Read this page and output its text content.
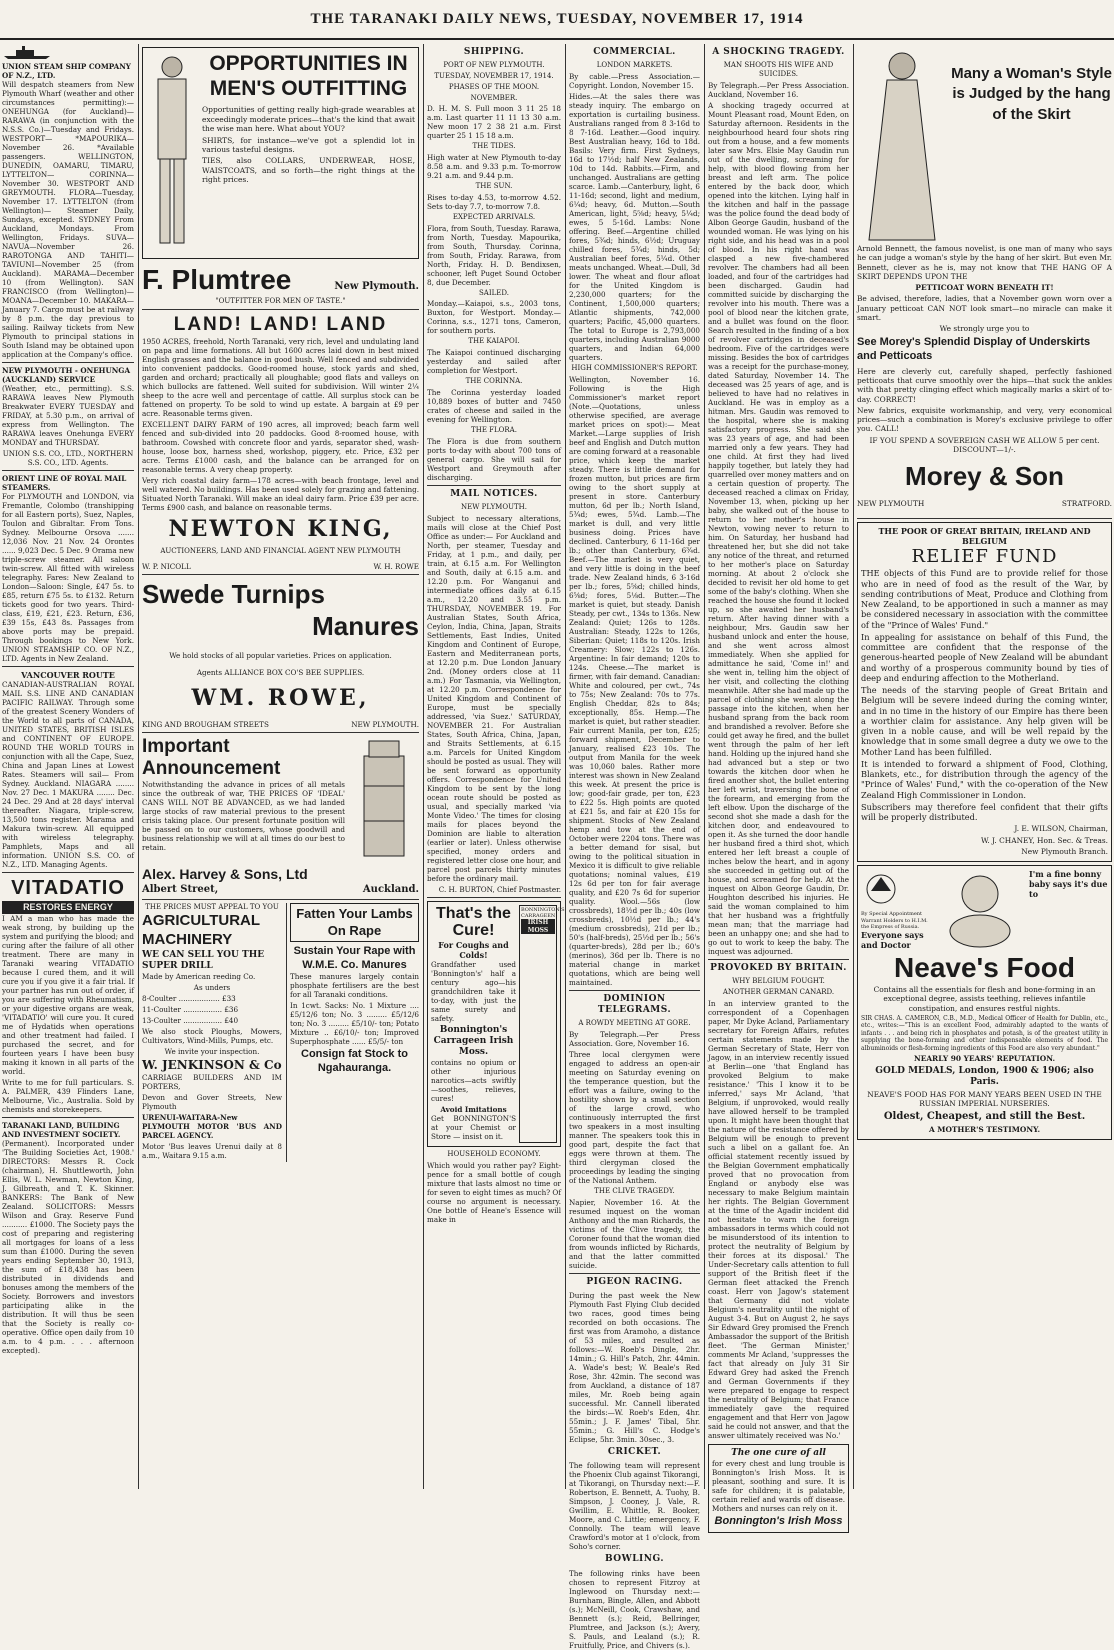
THE TARANAKI DAILY NEWS, TUESDAY, NOVEMBER 17, 1914
UNION STEAM SHIP COMPANY OF N.Z., LTD.

Will despatch steamers from New Plymouth Wharf (weather and other circumstances permitting):— ONEHUNGA (for Auckland)— RARAWA (in conjunction with the N.S.S. Co.)—Tuesday and Fridays. WESTPORT— *MAPOURIKA—November 26. *Available passengers. WELLINGTON, DUNEDIN, OAMARU, TIMARU, LYTTELTON— CORINNA—November 30. WESTPORT AND GREYMOUTH. FLORA—Tuesday, November 17. LYTTELTON (from Wellington)— Steamer Daily, Sundays, excepted. SYDNEY From Auckland, Mondays. From Wellington, Fridays. SUVA— NAVUA—November 26. RAROTONGA AND TAHITI— TAVIUNI—November 25 (from Auckland). MARAMA—December 10 (from Wellington). SAN FRANCISCO (from Wellington)— MOANA—December 10. MAKARA—January 7. Cargo must be at railway by 8 p.m. the day previous to sailing. Railway tickets from New Plymouth to principal stations in South Island may be obtained upon application at the Company's office.

NEW PLYMOUTH - ONEHUNGA (AUCKLAND) SERVICE

(Weather, etc., permitting). S.S. RARAWA leaves New Plymouth Breakwater EVERY TUESDAY and FRIDAY, at 5.30 p.m., on arrival of express from Wellington. The RARAWA leaves Onehunga EVERY MONDAY and THURSDAY.

UNION S.S. CO., LTD., NORTHERN S.S. CO., LTD. Agents.

ORIENT LINE OF ROYAL MAIL STEAMERS.

For PLYMOUTH and LONDON, via Fremantle, Colombo (transhipping for all Eastern ports), Suez, Naples, Toulon and Gibraltar. From Tons. Sydney. Melbourne Orsova ....... 12,036 Nov. 21 Nov. 24 Orontes ...... 9,023 Dec. 5 Dec. 9 Orama new triple-screw steamer. All saloon twin-screw. All fitted with wireless telegraphy. Fares: New Zealand to London—Saloon: Single, £47 5s. to £85, return £75 5s. to £132. Return tickets good for two years. Third-class, £19, £21, £23. Return, £36, £39 15s, £43 8s. Passages from above ports may be prepaid. Through bookings to New York. UNION STEAMSHIP CO. OF N.Z., LTD. Agents in New Zealand.

VANCOUVER ROUTE

CANADIAN-AUSTRALIAN ROYAL MAIL S.S. LINE AND CANADIAN PACIFIC RAILWAY. Through some of the greatest Scenery Wonders of the World to all parts of CANADA, UNITED STATES, BRITISH ISLES and CONTINENT OF EUROPE. ROUND THE WORLD TOURS in conjunction with all the Cape, Suez, China and Japan Lines at Lowest Rates. Steamers will sail— From Sydney. Auckland. NIAGARA ........ Nov. 27 Dec. 1 MAKURA ........ Dec. 24 Dec. 29 And at 28 days' interval thereafter. Niagara, triple-screw, 13,500 tons register. Marama and Makura twin-screw. All equipped with wireless telegraphy. Pamphlets, Maps and all information. UNION S.S. CO. of N.Z., LTD. Managing Agents.

VITADATIO
RESTORES ENERGY

I AM a man who has made the weak strong, by building up the system and purifying the blood; and curing after the failure of all other treatment. There are many in Taranaki wearing VITADATIO because I cured them, and it will cure you if you give it a fair trial. If your partner has run out of order, if you are suffering with Rheumatism, or your digestive organs are weak, 'VITADATIO' will cure you. It cured me of Hydatids when operations and other treatment had failed. I purchased the secret, and for fourteen years I have been busy making it known in all parts of the world.

Write to me for full particulars. S. A. PALMER, 439 Flinders Lane, Melbourne, Vic., Australia. Sold by chemists and storekeepers.

TARANAKI LAND, BUILDING AND INVESTMENT SOCIETY.

(Permanent). Incorporated under 'The Building Societies Act, 1908.' DIRECTORS: Messrs R. Cock (chairman), H. Shuttleworth, John Ellis, W. L. Newman, Newton King, J. Gilbreath, and T. K. Skinner. BANKERS: The Bank of New Zealand. SOLICITORS: Messrs Wilson and Gray. Reserve Fund ........... £1000. The Society pays the cost of preparing and registering all mortgages for loans of a less sum than £1000. During the seven years ending September 30, 1913, the sum of £18,438 has been distributed in dividends and bonuses among the members of the Society. Borrowers and investors participating alike in the distribution. It will thus be seen that the Society is really co-operative. Office open daily from 10 a.m. to 4 p.m. . . . afternoon excepted).

OPPORTUNITIES IN MEN'S OUTFITTING

Opportunities of getting really high-grade wearables at exceedingly moderate prices—that's the kind that await the wise man here. What about YOU?

SHIRTS, for instance—we've got a splendid lot in various tasteful designs.

TIES, also COLLARS, UNDERWEAR, HOSE, WAISTCOATS, and so forth—the right things at the right prices.

F. Plumtree	New Plymouth.
"OUTFITTER FOR MEN OF TASTE."
LAND! LAND! LAND

1950 ACRES, freehold, North Taranaki, very rich, level and undulating land on papa and lime formations. All but 1600 acres laid down in best mixed English grasses and the balance in good bush. Well fenced and subdivided into convenient paddocks. Good-roomed house, stock yards and shed, garden and orchard; practically all ploughable; good flats and valleys on which bullocks are fattened. Well suited for subdivision. Will winter 2¼ sheep to the acre well and percentage of cattle. All surplus stock can be fattened on property. To be sold to wind up estate. A bargain at £9 per acre. Reasonable terms given.

EXCELLENT DAIRY FARM of 190 acres, all improved; beach farm well fenced and sub-divided into 20 paddocks. Good 8-roomed house, with bathroom. Cowshed with concrete floor and yards, separator shed, wash-house, loose box, harness shed, workshop, piggery, etc. Price, £32 per acre. Terms £1000 cash, and the balance can be arranged for on reasonable terms. A very cheap property.

Very rich coastal dairy farm—178 acres—with beach frontage, level and well watered. No buildings. Has been used solely for grazing and fattening. Situated North Taranaki. Will make an ideal dairy farm. Price £39 per acre. Terms £900 cash, and balance on reasonable terms.

NEWTON KING,
AUCTIONEERS, LAND AND FINANCIAL AGENT NEW PLYMOUTH
W. P. NICOLL	W. H. ROWE
Swede Turnips
Manures

We hold stocks of all popular varieties. Prices on application.

Agents ALLIANCE BOX CO'S BEE SUPPLIES.

WM. ROWE,
KING AND BROUGHAM STREETS	NEW PLYMOUTH.
Important Announcement

Notwithstanding the advance in prices of all metals since the outbreak of war, THE PRICES OF 'IDEAL' CANS WILL NOT BE ADVANCED, as we had landed large stocks of raw material previous to the present crisis taking place. Our present fortunate position will be passed on to our customers, whose goodwill and business relationship we will at all times do our best to retain.

Alex. Harvey & Sons, Ltd
Albert Street,	Auckland.
THE PRICES MUST APPEAL TO YOU
AGRICULTURAL MACHINERY
WE CAN SELL YOU THE SUPER DRILL

Made by American reeding Co.

As unders

8-Coulter .................. £33

11-Coulter ................. £36

13-Coulter ................. £40

We also stock Ploughs, Mowers, Cultivators, Wind-Mills, Pumps, etc.

We invite your inspection.

W. JENKINSON & Co

CARRIAGE BUILDERS AND IM PORTERS,

Devon and Gover Streets, New Plymouth

URENUI-WAITARA-New PLYMOUTH MOTOR 'BUS AND PARCEL AGENCY.

Motor 'Bus leaves Urenui daily at 8 a.m., Waitara 9.15 a.m.

Fatten Your Lambs On Rape
Sustain Your Rape with W.M.E. Co. Manures

These manures largely contain phosphate fertilisers are the best for all Taranaki conditions.

In 1cwt. Sacks: No. 1 Mixture .... £5/12/6 ton; No. 3 ......... £5/12/6 ton; No. 3 ......... £5/10/- ton; Potato Mixture .. £6/10/- ton; Improved Superphosphate ...... £5/5/- ton

Consign fat Stock to Ngahauranga.
SHIPPING.
PORT OF NEW PLYMOUTH.
TUESDAY, NOVEMBER 17, 1914.
PHASES OF THE MOON.
NOVEMBER.

D. H. M. S. Full moon 3 11 25 18 a.m. Last quarter 11 11 13 30 a.m. New moon 17 2 38 21 a.m. First quarter 25 1 15 18 a.m.

THE TIDES.

High water at New Plymouth to-day 8.58 a.m. and 9.33 p.m. To-morrow 9.21 a.m. and 9.44 p.m.

THE SUN.

Rises to-day 4.53, to-morrow 4.52. Sets to-day 7.7, to-morrow 7.8.

EXPECTED ARRIVALS.

Flora, from South, Tuesday. Rarawa, from North, Tuesday. Mapourika, from South, Thursday. Corinna, from South, Friday. Rarawa, from North, Friday. H. D. Bendixsen, schooner, left Puget Sound October 8, due December.

SAILED.

Monday.—Kaiapoi, s.s., 2003 tons, Buxton, for Westport. Monday.—Corinna, s.s., 1271 tons, Cameron, for southern ports.

THE KAIAPOI.

The Kaiapoi continued discharging yesterday and sailed after completion for Westport.

THE CORINNA.

The Corinna yesterday loaded 10,889 boxes of butter and 7450 crates of cheese and sailed in the evening for Wellington.

THE FLORA.

The Flora is due from southern ports to-day with about 700 tons of general cargo. She will sail for Westport and Greymouth after discharging.

MAIL NOTICES.
NEW PLYMOUTH.

Subject to necessary alterations, mails will close at the Chief Post Office as under:— For Auckland and North, per steamer, Tuesday and Friday, at 1 p.m., and daily, per train, at 6.15 a.m. For Wellington and South, daily at 6.15 a.m. and 12.20 p.m. For Wanganui and intermediate offices daily at 6.15 a.m., 12.20 and 3.55 p.m. THURSDAY, NOVEMBER 19. For Australian States, South Africa, Ceylon, India, China, Japan, Straits Settlements, East Indies, United Kingdom and Continent of Europe, Eastern and Mediterranean ports, at 12.20 p.m. Due London January 2nd. (Money orders close at 11 a.m.) For Tasmania, via Wellington, at 12.20 p.m. Correspondence for United Kingdom and Continent of Europe, must be specially addressed, 'via Suez.' SATURDAY, NOVEMBER 21. For Australian States, South Africa, China, Japan, and Straits Settlements, at 6.15 a.m. Parcels for United Kingdom should be posted as usual. They will be sent forward as opportunity offers. Correspondence for United Kingdom to be sent by the long ocean route should be posted as usual, and specially marked 'via Monte Video.' The times for closing mails for places beyond the Dominion are liable to alteration (earlier or later). Unless otherwise specified, money orders and registered letter close one hour, and parcel post parcels thirty minutes before the ordinary mail.

C. H. BURTON, Chief Postmaster.

That's the Cure!
For Coughs and Colds!

Grandfather used 'Bonnington's' half a century ago—his grandchildren take it to-day, with just the same surety and safety.

Bonnington's Carrageen Irish Moss.

contains no opium or other injurious narcotics—acts swiftly—soothes, relieves, cures!

Avoid Imitations

Get BONNINGTON'S at your Chemist or Store — insist on it.

BONNINGTON'S CARRAGEEN
IRISH MOSS
HOUSEHOLD ECONOMY.

Which would you rather pay? Eight-pence for a small bottle of cough mixture that lasts almost no time or for seven to eight times as much? Of course no argument is necessary. One bottle of Heane's Essence will make in

COMMERCIAL.
LONDON MARKETS.

By cable.—Press Association.—Copyright. London, November 15.

Hides.—At the sales there was steady inquiry. The embargo on exportation is curtailing business. Australians ranged from 8 3-16d to 8 7-16d. Leather.—Good inquiry. Best Australian heavy, 16d to 18d. Basils: Very firm. First Sydneys, 16d to 17½d; half New Zealands, 10d to 14d. Rabbits.—Firm, and unchanged. Australians are getting scarce. Lamb.—Canterbury, light, 6 11-16d; second, light and medium, 6¼d; heavy, 6d. Mutton.—South American, light, 5⅝d; heavy, 5¼d; ewes, 5 5-16d. Lambs: None offering. Beef.—Argentine chilled fores, 5¾d; hinds, 6½d; Uruguay chilled fores, 5¾d; hinds, 5d; Australian beef fores, 5¼d. Other meats unchanged. Wheat.—Dull, 3d lower. The wheat and flour afloat for the United Kingdom is 2,230,000 quarters; for the Continent, 1,500,000 quarters; Atlantic shipments, 742,000 quarters; Pacific, 45,000 quarters. The total to Europe is 2,793,000 quarters, including Australian 9000 quarters, and Indian 64,000 quarters.

HIGH COMMISSIONER'S REPORT.

Wellington, November 16. Following is the High Commissioner's market report (Note.—Quotations, unless otherwise specified, are average market prices on spot):— Meat Market.—Large supplies of Irish beef and English and Dutch mutton are coming forward at a reasonable price, which keep the market steady. There is little demand for frozen mutton, but prices are firm owing to the short supply at present in store. Canterbury mutton, 6d per lb.; North Island, 5¾d; ewes, 5¾d. Lamb.—The market is dull, and very little business doing. Prices have declined. Canterbury, 6 11-16d per lb.; other than Canterbury, 6¾d. Beef.—The market is very quiet, and very little is doing in the beef trade. New Zealand hinds, 6 3-16d per lb.; fores, 5⅝d; chilled hinds, 6⅝d; fores, 5⅛d. Butter.—The market is quiet, but steady. Danish Steady, per cwt., 134s to 136s. New Zealand: Quiet; 126s to 128s. Australian: Steady, 122s to 126s, Siberian: Quiet; 118s to 120s. Irish Creamery: Slow; 122s to 126s. Argentine: In fair demand; 120s to 124s. Cheese.—The market is firmer, with fair demand. Canadian: White and coloured, per cwt., 74s to 75s; New Zealand: 70s to 77s. English Cheddar, 82s to 84s; exceptionally, 85s. Hemp.—The market is quiet, but rather steadier. Fair current Manila, per ton, £25; forward shipment, December to January, realised £23 10s. The output from Manila for the week was 10,060 bales. Rather more interest was shown in New Zealand this week. At present the price is low; good-fair grade, per ton, £23 to £22 5s. High points are quoted at £21 5s, and fair at £20 15s for shipment. Stocks of New Zealand hemp and tow at the end of October were 2204 tons. There was a better demand for sisal, but owing to the political situation in Mexico it is difficult to give reliable quotations; nominal values, £19 12s 6d per ton for fair average quality, and £20 7s 6d for superior quality. Wool.—56s (low crossbreds), 18½d per lb.; 40s (low crossbreds), 10½d per lb.; 44's (medium crossbreds), 21d per lb.; 50's (half-breds), 25½d per lb.; 56's (quarter-breds), 28d per lb.; 60's (merinos), 36d per lb. There is no material change in market quotations, which are being well maintained.

DOMINION TELEGRAMS.
A ROWDY MEETING AT GORE.

By Telegraph.—Per Press Association. Gore, November 16.

Three local clergymen were engaged to address an open-air meeting on Saturday evening on the temperance question, but the effort was a failure, owing to the hostility shown by a small section of the large crowd, who continuously interrupted the first two speakers in a most insulting manner. The speakers took this in good part, despite the fact that eggs were thrown at them. The third clergyman closed the proceedings by leading the singing of the National Anthem.

THE CLIVE TRAGEDY.

Napier, November 16. At the resumed inquest on the woman Anthony and the man Richards, the victims of the Clive tragedy, the Coroner found that the woman died from wounds inflicted by Richards, and that the latter committed suicide.

PIGEON RACING.

During the past week the New Plymouth Fast Flying Club decided two races, good times being recorded on both occasions. The first was from Aramoho, a distance of 53 miles, and resulted as follows:—W. Roeb's Dingle, 2hr. 14min.; G. Hill's Patch, 2hr. 44min. A. Wade's best; W. Beale's Red Rose, 3hr. 42min. The second was from Auckland, a distance of 187 miles, Mr. Roeb being again successful. Mr. Cannell liberated the birds:—W. Roeb's Eden, 4hr. 55min.; J. F. James' Tibal, 5hr. 55min.; G. Hill's C. Hodge's Eclipse, 5hr. 3min. 30sec., 3.

CRICKET.

The following team will represent the Phoenix Club against Tikorangi, at Tikorangi, on Thursday next:—F. Robertson, E. Bennett, A. Tuohy, B. Simpson, J. Cooney, J. Vale, R. Gwillim, E. Whittle, R. Booker, Moore, and C. Little; emergency, F. Connolly. The team will leave Crawford's motor at 1 o'clock, from Soho's corner.

BOWLING.

The following rinks have been chosen to represent Fitzroy at Inglewood on Thursday next:—Burnham, Bingle, Allen, and Abbott (s.); McNeill, Cook, Crawshaw, and Bennett (s.); Reid, Bellringer, Plumtree, and Jackson (s.); Avery, S. Pauls, and Lealand (s.); R. Fruitfully, Price, and Chivers (s.).

A SHOCKING TRAGEDY.
MAN SHOOTS HIS WIFE AND SUICIDES.

By Telegraph.—Per Press Association. Auckland, November 16.

A shocking tragedy occurred at Mount Pleasant road, Mount Eden, on Saturday afternoon. Residents in the neighbourhood heard four shots ring out from a house, and a few moments later saw Mrs. Elsie May Gaudin run out of the dwelling, screaming for help, with blood flowing from her breast and left arm. The police entered by the back door, which opened into the kitchen. Lying half in the kitchen and half in the passage was the police found the dead body of Albon George Gaudin, husband of the wounded woman. He was lying on his right side, and his head was in a pool of blood. In his right hand was clasped a new five-chambered revolver. The chambers had all been loaded, and four of the cartridges had been discharged. Gaudin had committed suicide by discharging the revolver into his mouth. There was a pool of blood near the kitchen grate, and a bullet was found on the floor. Search resulted in the finding of a box of revolver cartridges in deceased's bedroom. Five of the cartridges were missing. Besides the box of cartridges was a receipt for the purchase-money, dated Saturday, November 14. The deceased was 25 years of age, and is believed to have had no relatives in Auckland. He was in employ as a hitman. Mrs. Gaudin was removed to the hospital, where she is making satisfactory progress. She said she was 23 years of age, and had been married only a few years. They had one child. At first they had lived happily together, but lately they had quarrelled over money matters and on a certain question of property. The deceased reached a climax on Friday, November 13, when, picking up her baby, she walked out of the house to return to her mother's house in Newton, vowing never to return to him. On Saturday, her husband had threatened her, but she did not take any notice of the threat, and returned to her mother's place on Saturday morning. At about 2 o'clock she decided to revisit her old home to get some of the baby's clothing. When she reached the house she found it locked up, so she awaited her husband's return. After having dinner with a neighbour, Mrs. Gaudin saw her husband unlock and enter the house, and she went across almost immediately. When she applied for admittance he said, 'Come in!' and she went in, telling him the object of her visit, and collecting the clothing meanwhile. After she had made up the parcel of clothing she went along the passage into the kitchen, when her husband sprang from the back room and brandished a revolver. Before she could get away he fired, and the bullet went through the palm of her left hand. Holding up the injured hand she had advanced but a step or two towards the kitchen door when he fired another shot, the bullet entering her left wrist, traversing the bone of the forearm, and emerging from the left elbow. Upon the discharge of the second shot she made a dash for the kitchen door, and endeavoured to open it. As she turned the door handle her husband fired a third shot, which entered her left breast a couple of inches below the heart, and in agony she succeeded in getting out of the house, and screamed for help. At the inquest on Albon George Gaudin, Dr. Houghton described his injuries. He said the woman complained to him that her husband was a frightfully mean man; that the marriage had been an unhappy one; and she had to go out to work to keep the baby. The inquest was adjourned.

PROVOKED BY BRITAIN.
WHY BELGIUM FOUGHT.
ANOTHER GERMAN CANARD.

In an interview granted to the correspondent of a Copenhagen paper, Mr Dyke Acland, Parliamentary secretary for Foreign Affairs, refutes certain statements made by the German Secretary of State, Herr von Jagow, in an interview recently issued at Berlin—one 'that England has provoked Belgium to make resistance.' 'This I know it to be inferred,' says Mr Acland, 'that Belgium, if unprovoked, would really have allowed herself to be trampled upon. It might have been thought that the nature of the resistance offered by Belgium will be enough to prevent such a libel on a gallant foe. An official statement recently issued by the Belgian Government emphatically proved that no provocation from England or anybody else was necessary to make Belgium maintain her rights. The Belgian Government at the time of the Agadir incident did not hesitate to warn the foreign ambassadors in terms which could not be misunderstood of its intention to protect the neutrality of Belgium by their forces at its disposal.' The Under-Secretary calls attention to full support of the British fleet if the German fleet attacked the French coast. Herr von Jagow's statement that Germany did not violate Belgium's neutrality until the night of August 3-4. But on August 2, he says Sir Edward Grey promised the French Ambassador the support of the British fleet. 'The German Minister,' comments Mr Acland, 'suppresses the fact that already on July 31 Sir Edward Grey had asked the French and German Governments if they were prepared to engage to respect the neutrality of Belgium; that France immediately gave the required engagement and that Herr von Jagow said he could not answer, and that the answer ultimately received was No.'

The one cure of all

for every chest and lung trouble is Bonnington's Irish Moss. It is pleasant, soothing and sure. It is safe for children; it is palatable, certain relief and wards off disease. Mothers and nurses can rely on it.

Bonnington's Irish Moss
Many a Woman's Style is Judged by the hang of the Skirt

Arnold Bennett, the famous novelist, is one man of many who says he can judge a woman's style by the hang of her skirt. But even Mr. Bennett, clever as he is, may not know that THE HANG OF A SKIRT DEPENDS UPON THE

PETTICOAT WORN BENEATH IT!

Be advised, therefore, ladies, that a November gown worn over a January petticoat CAN NOT look smart—no miracle can make it smart.

We strongly urge you to

See Morey's Splendid Display of Underskirts and Petticoats

Here are cleverly cut, carefully shaped, perfectly fashioned petticoats that curve smoothly over the hips—that suck the ankles with that pretty clinging effect which magically marks a skirt of to-day. CORRECT!

New fabrics, exquisite workmanship, and very, very economical prices—such a combination is Morey's exclusive privilege to offer you. CALL!

IF YOU SPEND A SOVEREIGN CASH WE ALLOW 5 per cent. DISCOUNT—1/-.

Morey & Son
NEW PLYMOUTH	STRATFORD.
THE POOR OF GREAT BRITAIN, IRELAND AND BELGIUM
RELIEF FUND

THE objects of this Fund are to provide relief for those who are in need of food as the result of the War, by sending contributions of Meat, Produce and Clothing from New Zealand, to be apportioned in such a manner as may be considered necessary in association with the committee of the "Prince of Wales' Fund."

In appealing for assistance on behalf of this Fund, the committee are confident that the response of the generous-hearted people of New Zealand will be abundant and worthy of a prosperous community bound by ties of deep and enduring affection to the Motherland.

The needs of the starving people of Great Britain and Belgium will be severe indeed during the coming winter, and in no time in the history of our Empire has there been a worthier claim for assistance. Any help given will be given in a noble cause, and will be well repaid by the knowledge that in some small degree a duty we owe to the Mother Land has been fulfilled.

It is intended to forward a shipment of Food, Clothing, Blankets, etc., for distribution through the agency of the "Prince of Wales' Fund," with the co-operation of the New Zealand High Commissioner in London.

Subscribers may therefore feel confident that their gifts will be properly distributed.

J. E. WILSON, Chairman,

W. J. CHANEY, Hon. Sec. & Treas.

New Plymouth Branch.

By Special Appointment Warrant Holders to H.I.M. the Empress of Russia.
Everyone says and Doctor
I'm a fine bonny baby says it's due to
Neave's Food

Contains all the essentials for flesh and bone-forming in an exceptional degree, assists teething, relieves infantile constipation, and ensures restful nights.

SIR CHAS. A. CAMERON, C.B., M.D., Medical Officer of Health for Dublin, etc., etc., writes:—"This is an excellent Food, admirably adapted to the wants of infants . . . and being rich in phosphates and potash, is of the greatest utility in supplying the bone-forming and other indispensable elements of food. The albuminoids or flesh-forming ingredients of this Food are also very abundant."

NEARLY 90 YEARS' REPUTATION.

GOLD MEDALS, London, 1900 & 1906; also Paris.

NEAVE'S FOOD HAS FOR MANY YEARS BEEN USED IN THE RUSSIAN IMPERIAL NURSERIES.

Oldest, Cheapest, and still the Best.

A MOTHER'S TESTIMONY.
